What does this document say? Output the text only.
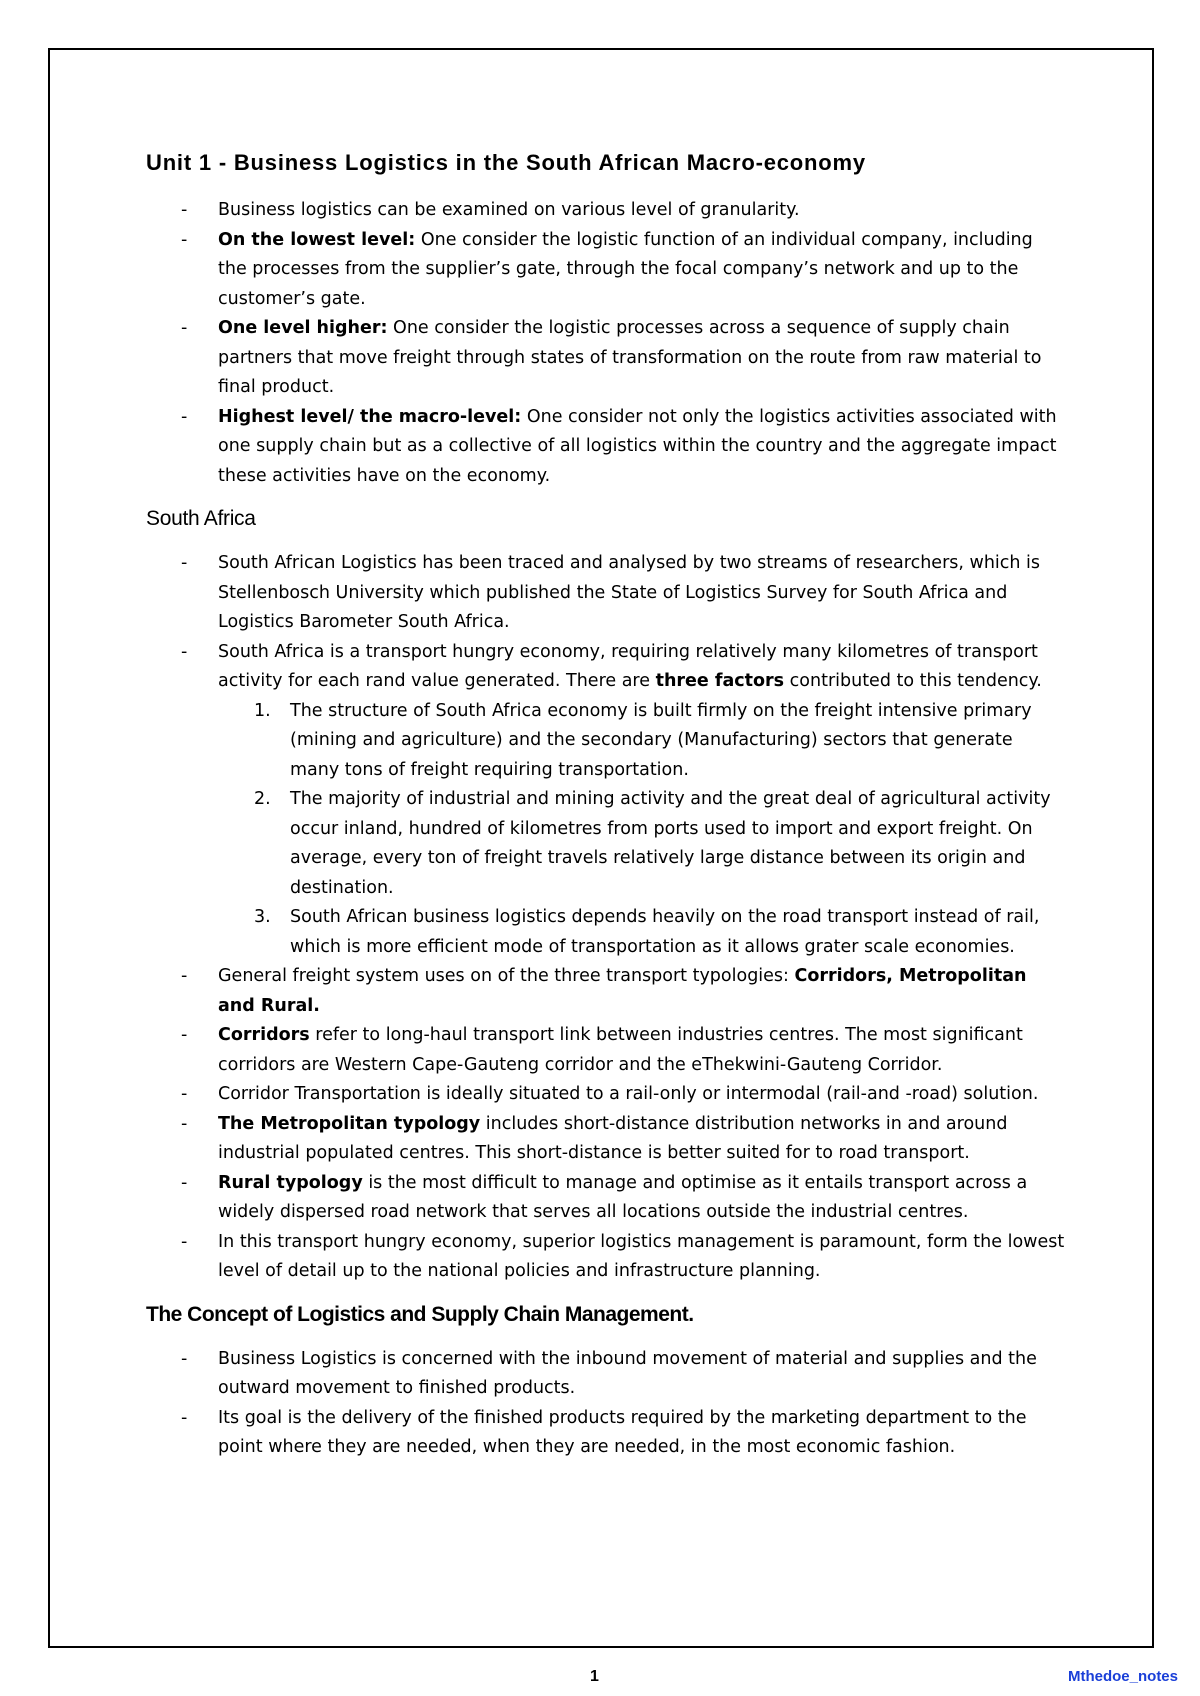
Unit 1 - Business Logistics in the South African Macro-economy
- Business logistics can be examined on various level of granularity.
- On the lowest level: One consider the logistic function of an individual company, including the processes from the supplier’s gate, through the focal company’s network and up to the customer’s gate.
- One level higher: One consider the logistic processes across a sequence of supply chain partners that move freight through states of transformation on the route from raw material to final product.
- Highest level/ the macro-level: One consider not only the logistics activities associated with one supply chain but as a collective of all logistics within the country and the aggregate impact these activities have on the economy.
South Africa
- South African Logistics has been traced and analysed by two streams of researchers, which is Stellenbosch University which published the State of Logistics Survey for South Africa and Logistics Barometer South Africa.
- South Africa is a transport hungry economy, requiring relatively many kilometres of transport activity for each rand value generated. There are three factors contributed to this tendency.
1. The structure of South Africa economy is built firmly on the freight intensive primary (mining and agriculture) and the secondary (Manufacturing) sectors that generate many tons of freight requiring transportation.
2. The majority of industrial and mining activity and the great deal of agricultural activity occur inland, hundred of kilometres from ports used to import and export freight. On average, every ton of freight travels relatively large distance between its origin and destination.
3. South African business logistics depends heavily on the road transport instead of rail, which is more efficient mode of transportation as it allows grater scale economies.
- General freight system uses on of the three transport typologies: Corridors, Metropolitan and Rural.
- Corridors refer to long-haul transport link between industries centres. The most significant corridors are Western Cape-Gauteng corridor and the eThekwini-Gauteng Corridor.
- Corridor Transportation is ideally situated to a rail-only or intermodal (rail-and -road) solution.
- The Metropolitan typology includes short-distance distribution networks in and around industrial populated centres. This short-distance is better suited for to road transport.
- Rural typology is the most difficult to manage and optimise as it entails transport across a widely dispersed road network that serves all locations outside the industrial centres.
- In this transport hungry economy, superior logistics management is paramount, form the lowest level of detail up to the national policies and infrastructure planning.
The Concept of Logistics and Supply Chain Management.
- Business Logistics is concerned with the inbound movement of material and supplies and the outward movement to finished products.
- Its goal is the delivery of the finished products required by the marketing department to the point where they are needed, when they are needed, in the most economic fashion.
1	Mthedoe_notes
